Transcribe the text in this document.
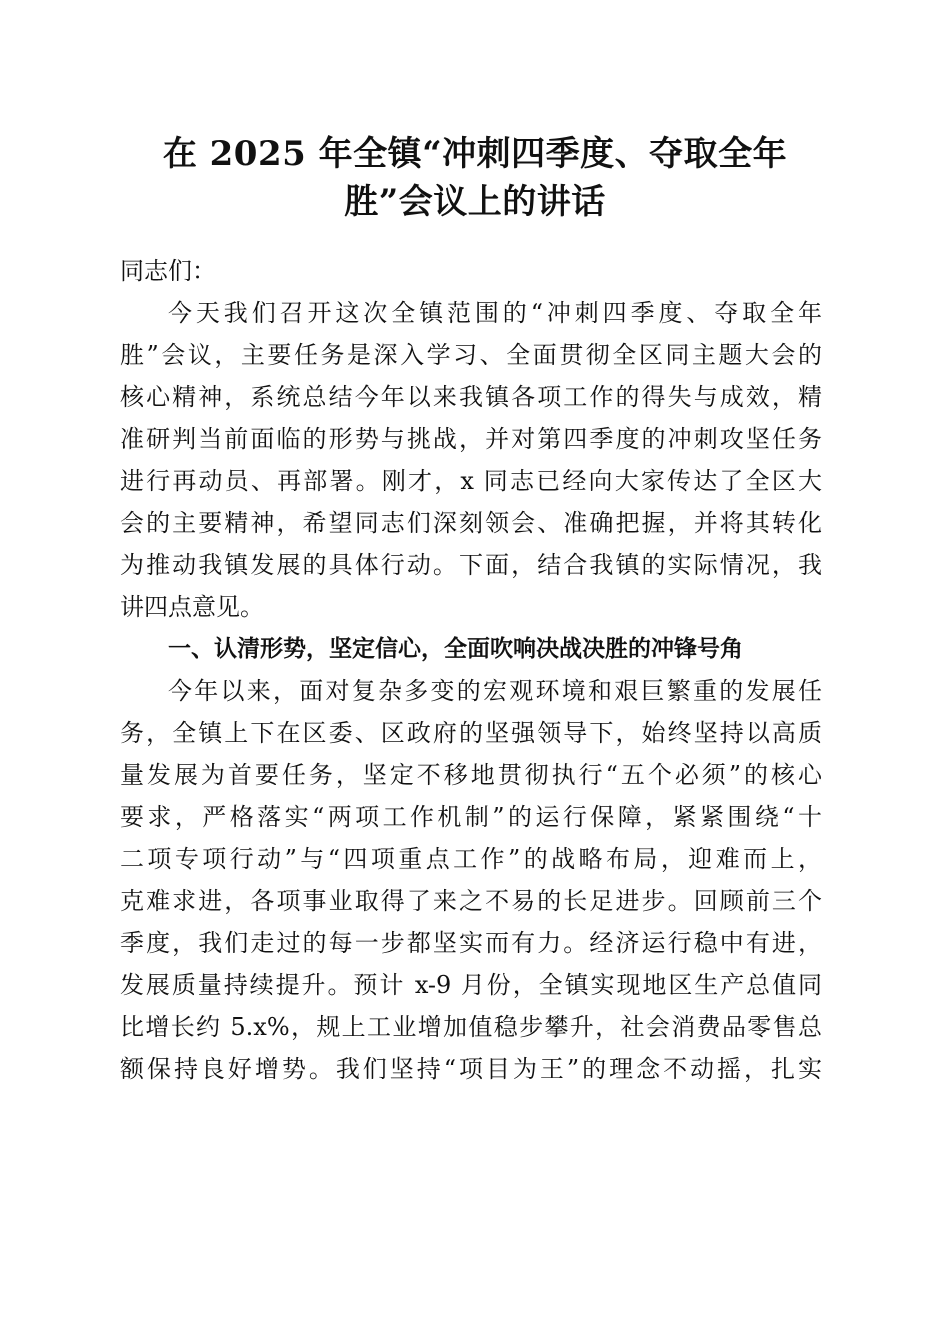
在 2025 年全镇“冲刺四季度、夺取全年
胜”会议上的讲话
同志们：
今天我们召开这次全镇范围的“冲刺四季度、夺取全年
胜”会议，主要任务是深入学习、全面贯彻全区同主题大会的
核心精神，系统总结今年以来我镇各项工作的得失与成效，精
准研判当前面临的形势与挑战，并对第四季度的冲刺攻坚任务
进行再动员、再部署。刚才，x 同志已经向大家传达了全区大
会的主要精神，希望同志们深刻领会、准确把握，并将其转化
为推动我镇发展的具体行动。下面，结合我镇的实际情况，我
讲四点意见。
一、认清形势，坚定信心，全面吹响决战决胜的冲锋号角
今年以来，面对复杂多变的宏观环境和艰巨繁重的发展任
务，全镇上下在区委、区政府的坚强领导下，始终坚持以高质
量发展为首要任务，坚定不移地贯彻执行“五个必须”的核心
要求，严格落实“两项工作机制”的运行保障，紧紧围绕“十
二项专项行动”与“四项重点工作”的战略布局，迎难而上，
克难求进，各项事业取得了来之不易的长足进步。回顾前三个
季度，我们走过的每一步都坚实而有力。经济运行稳中有进，
发展质量持续提升。预计 x-9 月份，全镇实现地区生产总值同
比增长约 5.x%，规上工业增加值稳步攀升，社会消费品零售总
额保持良好增势。我们坚持“项目为王”的理念不动摇，扎实
